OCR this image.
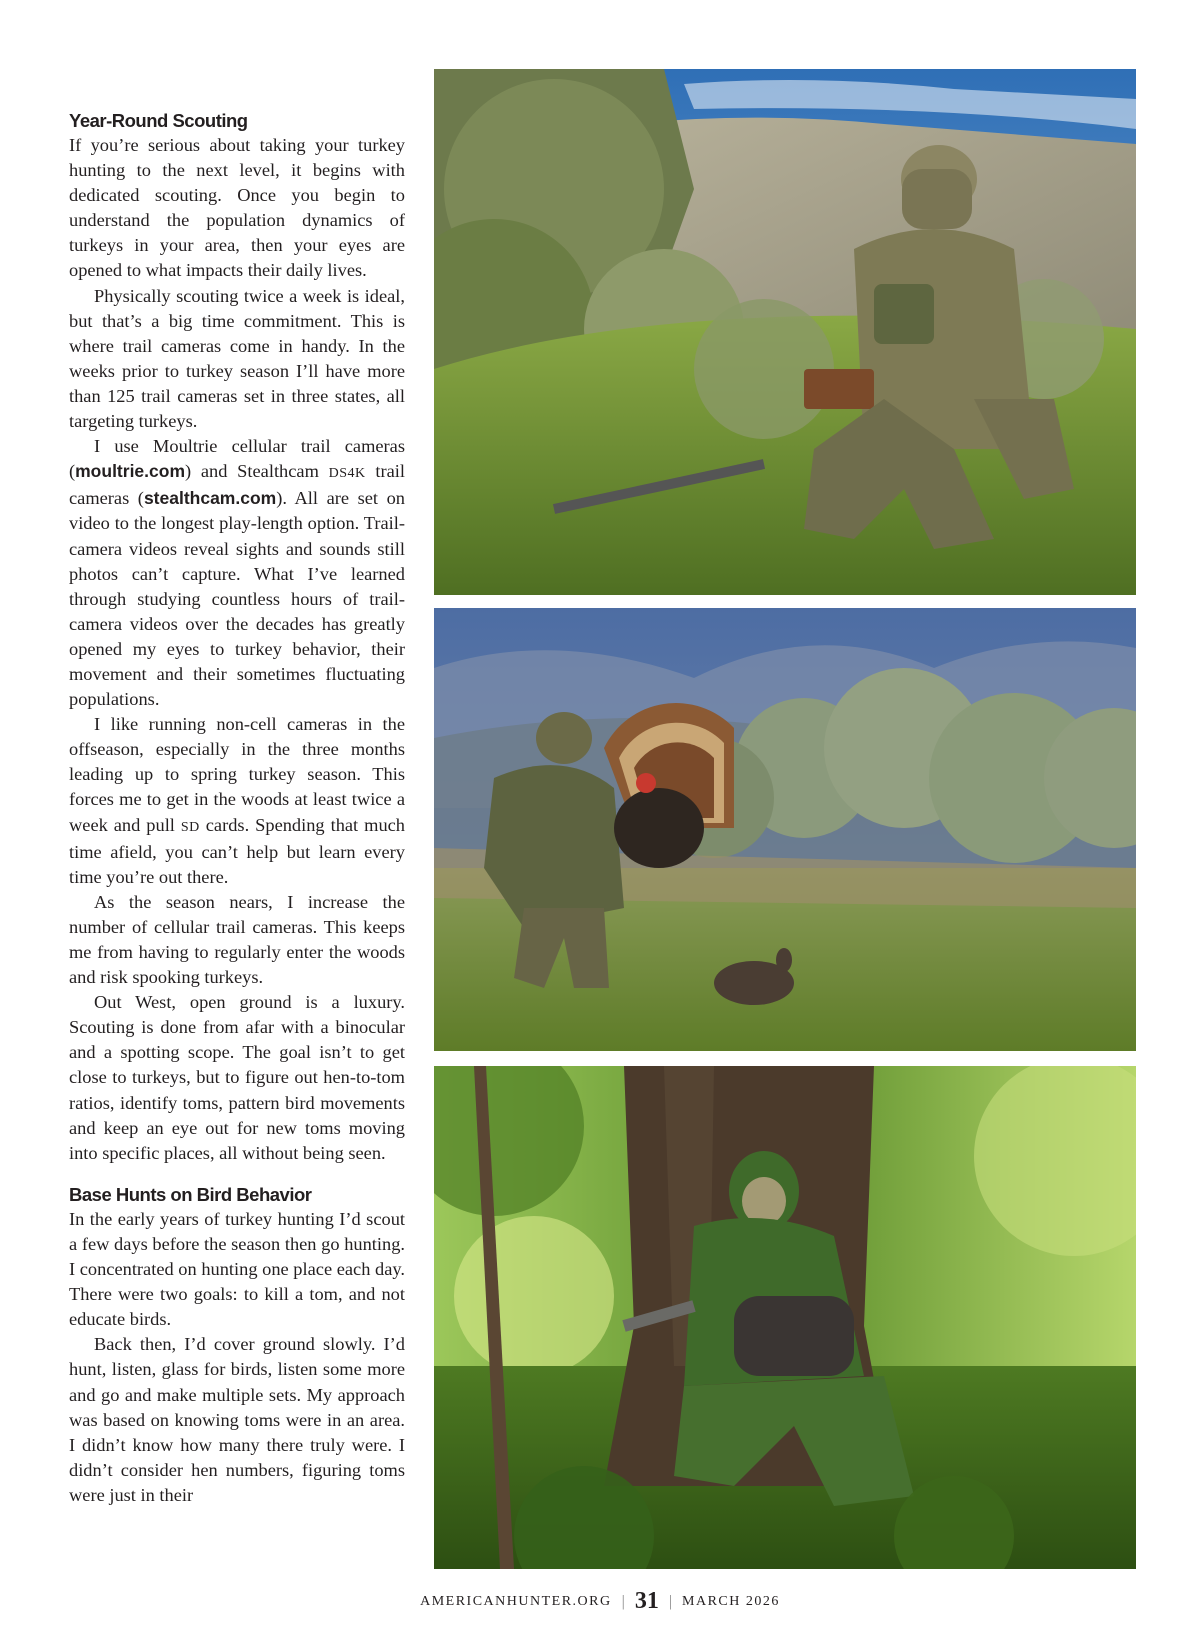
Year-Round Scouting

If you’re serious about taking your turkey hunting to the next level, it begins with dedicated scouting. Once you begin to understand the population dynamics of turkeys in your area, then your eyes are opened to what impacts their daily lives.

Physically scouting twice a week is ideal, but that’s a big time commitment. This is where trail cameras come in handy. In the weeks prior to turkey season I’ll have more than 125 trail cameras set in three states, all targeting turkeys.

I use Moultrie cellular trail cameras (moultrie.com) and Stealthcam DS4K trail cameras (stealthcam.com). All are set on video to the longest play-length option. Trail-camera videos reveal sights and sounds still photos can’t capture. What I’ve learned through studying countless hours of trail-camera videos over the decades has greatly opened my eyes to turkey behavior, their movement and their sometimes fluctuating populations.

I like running non-cell cameras in the offseason, especially in the three months leading up to spring turkey season. This forces me to get in the woods at least twice a week and pull SD cards. Spending that much time afield, you can’t help but learn every time you’re out there.

As the season nears, I increase the number of cellular trail cameras. This keeps me from having to regularly enter the woods and risk spooking turkeys.

Out West, open ground is a luxury. Scouting is done from afar with a binocular and a spotting scope. The goal isn’t to get close to turkeys, but to figure out hen-to-tom ratios, identify toms, pattern bird movements and keep an eye out for new toms moving into specific places, all without being seen.

Base Hunts on Bird Behavior

In the early years of turkey hunting I’d scout a few days before the season then go hunting. I concentrated on hunting one place each day. There were two goals: to kill a tom, and not educate birds.

Back then, I’d cover ground slowly. I’d hunt, listen, glass for birds, listen some more and go and make multiple sets. My approach was based on knowing toms were in an area. I didn’t know how many there truly were. I didn’t consider hen numbers, figuring toms were just in their

AMERICANHUNTER.ORG | 31 | MARCH 2026
